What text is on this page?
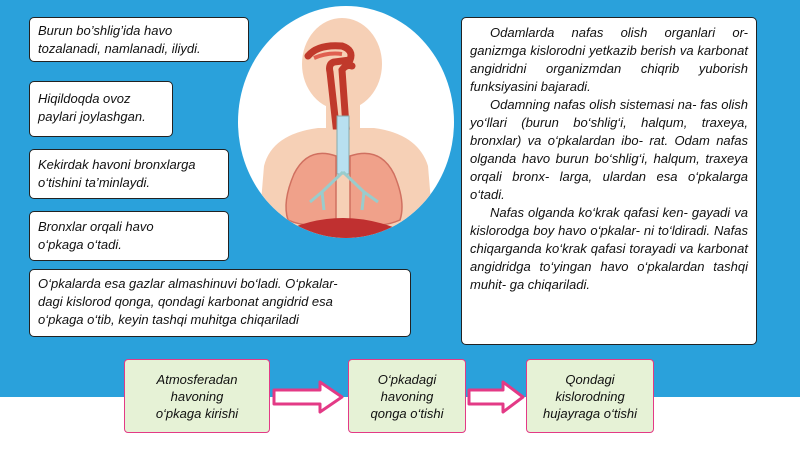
Burun bo’shlig’ida havo
tozalanadi, namlanadi, iliydi.
Hiqildoqda ovoz
paylari joylashgan.
Kekirdak havoni bronxlarga
o‘tishini ta’minlaydi.
Bronxlar orqali havo
o‘pkaga o‘tadi.
O‘pkalarda esa gazlar almashinuvi bo‘ladi. O‘pkalar-
dagi kislorod qonga, qondagi karbonat angidrid esa
o‘pkaga o‘tib, keyin tashqi muhitga chiqariladi

Odamlarda nafas olish organlari or- ganizmga kislorodni yetkazib berish va karbonat angidridni organizmdan chiqrib yuborish funksiyasini bajaradi.

Odamning nafas olish sistemasi na- fas olish yo‘llari (burun bo‘shlig‘i, halqum, traxeya, bronxlar) va o‘pkalardan ibo- rat. Odam nafas olganda havo burun bo‘shlig‘i, halqum, traxeya orqali bronx- larga, ulardan esa o‘pkalarga o‘tadi.

Nafas olganda ko‘krak qafasi ken- gayadi va kislorodga boy havo o‘pkalar- ni to‘ldiradi. Nafas chiqarganda ko‘krak qafasi torayadi va karbonat angidridga to‘yingan havo o‘pkalardan tashqi muhit- ga chiqariladi.

Atmosferadan
havoning
o‘pkaga kirishi
O‘pkadagi
havoning
qonga o‘tishi
Qondagi
kislorodning
hujayraga o‘tishi
